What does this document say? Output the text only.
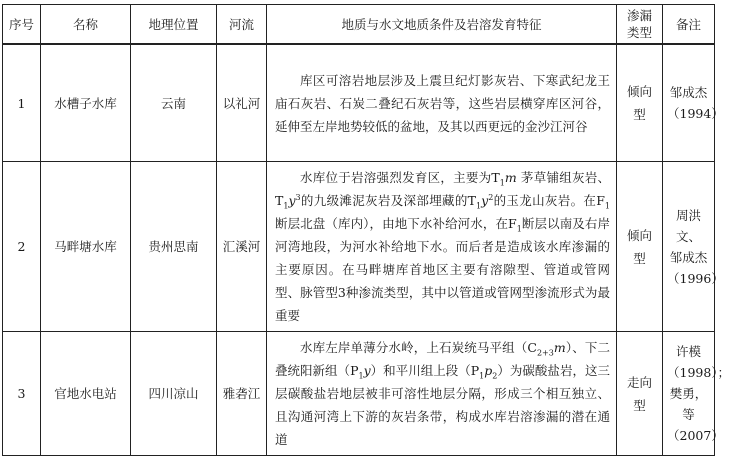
序号	名称	地理位置	河流	地质与水文地质条件及岩溶发育特征	渗漏类型	备注
1	水槽子水库	云南	以礼河	库区可溶岩地层涉及上震旦纪灯影灰岩、下寒武纪龙王庙石灰岩、石炭二叠纪石灰岩等，这些岩层横穿库区河谷，延伸至左岸地势较低的盆地，及其以西更远的金沙江河谷	倾向型	邹成杰
（1994）

2	马畔塘水库	贵州思南	汇溪河	水库位于岩溶强烈发育区，主要为$T_1m$ 茅草铺组灰岩、$T_1y^3$的九级滩泥灰岩及深部埋藏的$T_1y^2$的玉龙山灰岩。在$F_1$断层北盘（库内），由地下水补给河水，在$F_1$断层以南及右岸河湾地段，为河水补给地下水。而后者是造成该水库渗漏的主要原因。在马畔塘库首地区主要有溶隙型、管道或管网型、脉管型3种渗流类型，其中以管道或管网型渗流形式为最重要	倾向型	周洪文、
邹成杰
（1996）

3	官地水电站	四川凉山	雅砻江	水库左岸单薄分水岭，上石炭统马平组$(C_{2+3}m)$、下二叠统阳新组$(P_1y)$和平川组上段$(P_1p_2)$为碳酸盐岩，这三层碳酸盐岩地层被非可溶性地层分隔，形成三个相互独立、且沟通河湾上下游的灰岩条带，构成水库岩溶渗漏的潜在通道	走向型	许模
（1998）；
樊勇，等
（2007）
